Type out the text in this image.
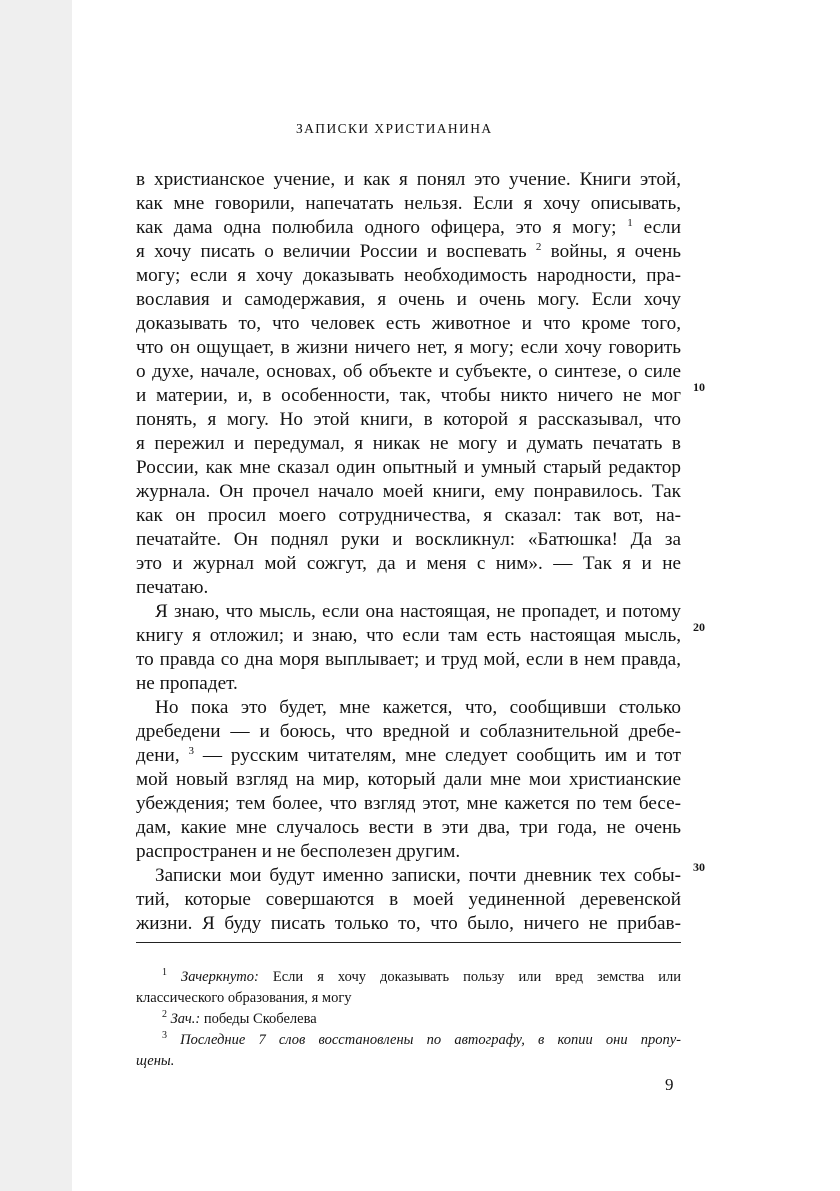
ЗАПИСКИ ХРИСТИАНИНА
в христианское учение, и как я понял это учение. Книги этой,
как мне говорили, напечатать нельзя. Если я хочу описывать,
как дама одна полюбила одного офицера, это я могу; $^1$ если
я хочу писать о величии России и воспевать $^2$ войны, я очень
могу; если я хочу доказывать необходимость народности, пра-
вославия и самодержавия, я очень и очень могу. Если хочу
доказывать то, что человек есть животное и что кроме того,
что он ощущает, в жизни ничего нет, я могу; если хочу говорить
о духе, начале, основах, об объекте и субъекте, о синтезе, о силе
и материи, и, в особенности, так, чтобы никто ничего не мог
понять, я могу. Но этой книги, в которой я рассказывал, что
я пережил и передумал, я никак не могу и думать печатать в
России, как мне сказал один опытный и умный старый редактор
журнала. Он прочел начало моей книги, ему понравилось. Так
как он просил моего сотрудничества, я сказал: так вот, на-
печатайте. Он поднял руки и воскликнул: «Батюшка! Да за
это и журнал мой сожгут, да и меня с ним». — Так я и не
печатаю.
Я знаю, что мысль, если она настоящая, не пропадет, и потому
книгу я отложил; и знаю, что если там есть настоящая мысль,
то правда со дна моря выплывает; и труд мой, если в нем правда,
не пропадет.
Но пока это будет, мне кажется, что, сообщивши столько
дребедени — и боюсь, что вредной и соблазнительной дребе-
дени, $^3$ — русским читателям, мне следует сообщить им и тот
мой новый взгляд на мир, который дали мне мои христианские
убеждения; тем более, что взгляд этот, мне кажется по тем бесе-
дам, какие мне случалось вести в эти два, три года, не очень
распространен и не бесполезен другим.
Записки мои будут именно записки, почти дневник тех собы-
тий, которые совершаются в моей уединенной деревенской
жизни. Я буду писать только то, что было, ничего не прибав-
10
20
30
$^1$ Зачеркнуто: Если я хочу доказывать пользу или вред земства или
классического образования, я могу
$^2$ Зач.: победы Скобелева
$^3$ Последние 7 слов восстановлены по автографу, в копии они пропу-
щены.
9
